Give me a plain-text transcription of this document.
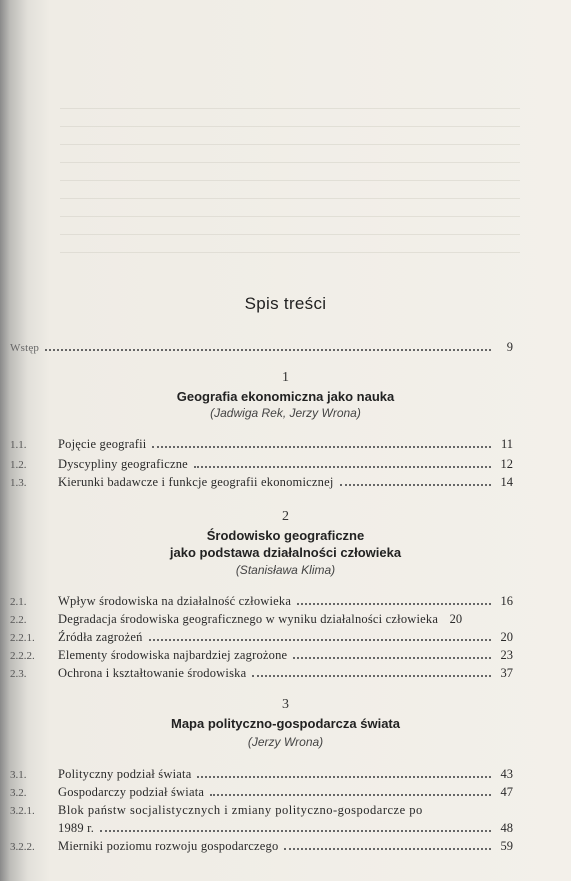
Spis treści
Wstęp	9
1
Geografia ekonomiczna jako nauka
(Jadwiga Rek, Jerzy Wrona)
1.1.	Pojęcie geografii	11
1.2.	Dyscypliny geograficzne	12
1.3.	Kierunki badawcze i funkcje geografii ekonomicznej	14
2
Środowisko geograficzne
jako podstawa działalności człowieka
(Stanisława Klima)
2.1.	Wpływ środowiska na działalność człowieka	16
2.2.	Degradacja środowiska geograficznego w wyniku działalności człowieka 20
2.2.1.	Źródła zagrożeń	20
2.2.2.	Elementy środowiska najbardziej zagrożone	23
2.3.	Ochrona i kształtowanie środowiska	37
3
Mapa polityczno-gospodarcza świata
(Jerzy Wrona)
3.1.	Polityczny podział świata	43
3.2.	Gospodarczy podział świata	47
3.2.1.	Blok państw socjalistycznych i zmiany polityczno-gospodarcze po
1989 r.	48
3.2.2.	Mierniki poziomu rozwoju gospodarczego	59
